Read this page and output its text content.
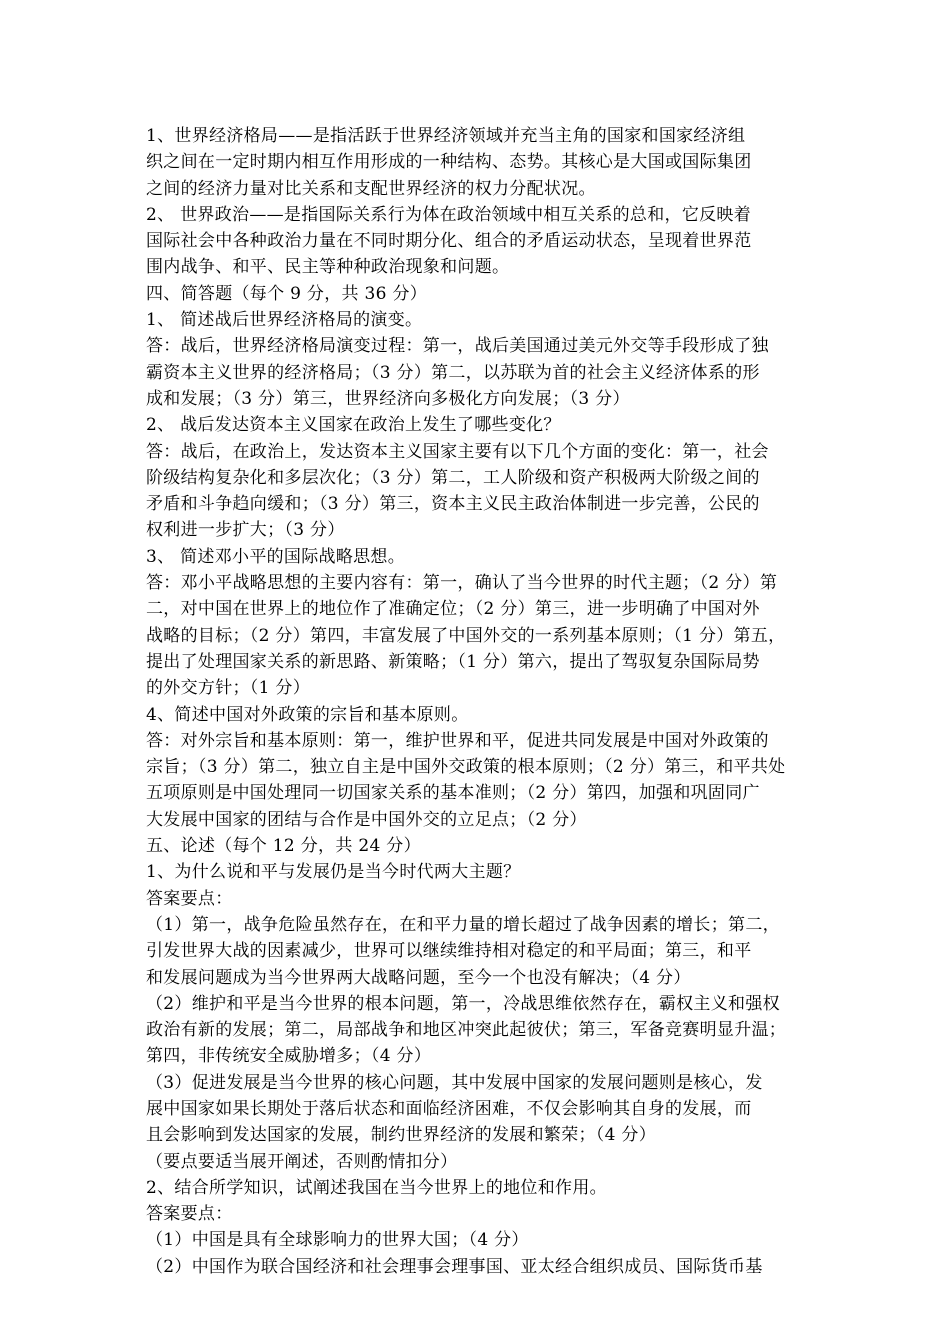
1、世界经济格局——是指活跃于世界经济领域并充当主角的国家和国家经济组
织之间在一定时期内相互作用形成的一种结构、态势。其核心是大国或国际集团
之间的经济力量对比关系和支配世界经济的权力分配状况。
2、 世界政治——是指国际关系行为体在政治领域中相互关系的总和，它反映着
国际社会中各种政治力量在不同时期分化、组合的矛盾运动状态，呈现着世界范
围内战争、和平、民主等种种政治现象和问题。
四、简答题（每个 9 分，共 36 分）
1、 简述战后世界经济格局的演变。
答：战后，世界经济格局演变过程：第一，战后美国通过美元外交等手段形成了独
霸资本主义世界的经济格局；（3 分）第二，以苏联为首的社会主义经济体系的形
成和发展；（3 分）第三，世界经济向多极化方向发展；（3 分）
2、 战后发达资本主义国家在政治上发生了哪些变化？
答：战后，在政治上，发达资本主义国家主要有以下几个方面的变化：第一，社会
阶级结构复杂化和多层次化；（3 分）第二，工人阶级和资产积极两大阶级之间的
矛盾和斗争趋向缓和；（3 分）第三，资本主义民主政治体制进一步完善，公民的
权利进一步扩大；（3 分）
3、 简述邓小平的国际战略思想。
答：邓小平战略思想的主要内容有：第一，确认了当今世界的时代主题；（2 分）第
二，对中国在世界上的地位作了准确定位；（2 分）第三，进一步明确了中国对外
战略的目标；（2 分）第四，丰富发展了中国外交的一系列基本原则；（1 分）第五，
提出了处理国家关系的新思路、新策略；（1 分）第六，提出了驾驭复杂国际局势
的外交方针；（1 分）
4、简述中国对外政策的宗旨和基本原则。
答：对外宗旨和基本原则：第一，维护世界和平，促进共同发展是中国对外政策的
宗旨；（3 分）第二，独立自主是中国外交政策的根本原则；（2 分）第三，和平共处
五项原则是中国处理同一切国家关系的基本准则；（2 分）第四，加强和巩固同广
大发展中国家的团结与合作是中国外交的立足点；（2 分）
五、论述（每个 12 分，共 24 分）
1、为什么说和平与发展仍是当今时代两大主题？
答案要点：
（1）第一，战争危险虽然存在，在和平力量的增长超过了战争因素的增长；第二，
引发世界大战的因素减少，世界可以继续维持相对稳定的和平局面；第三，和平
和发展问题成为当今世界两大战略问题，至今一个也没有解决；（4 分）
（2）维护和平是当今世界的根本问题，第一，冷战思维依然存在，霸权主义和强权
政治有新的发展；第二，局部战争和地区冲突此起彼伏；第三，军备竞赛明显升温；
第四，非传统安全威胁增多；（4 分）
（3）促进发展是当今世界的核心问题，其中发展中国家的发展问题则是核心，发
展中国家如果长期处于落后状态和面临经济困难，不仅会影响其自身的发展，而
且会影响到发达国家的发展，制约世界经济的发展和繁荣；（4 分）
（要点要适当展开阐述，否则酌情扣分）
2、结合所学知识，试阐述我国在当今世界上的地位和作用。
答案要点：
（1）中国是具有全球影响力的世界大国；（4 分）
（2）中国作为联合国经济和社会理事会理事国、亚太经合组织成员、国际货币基
